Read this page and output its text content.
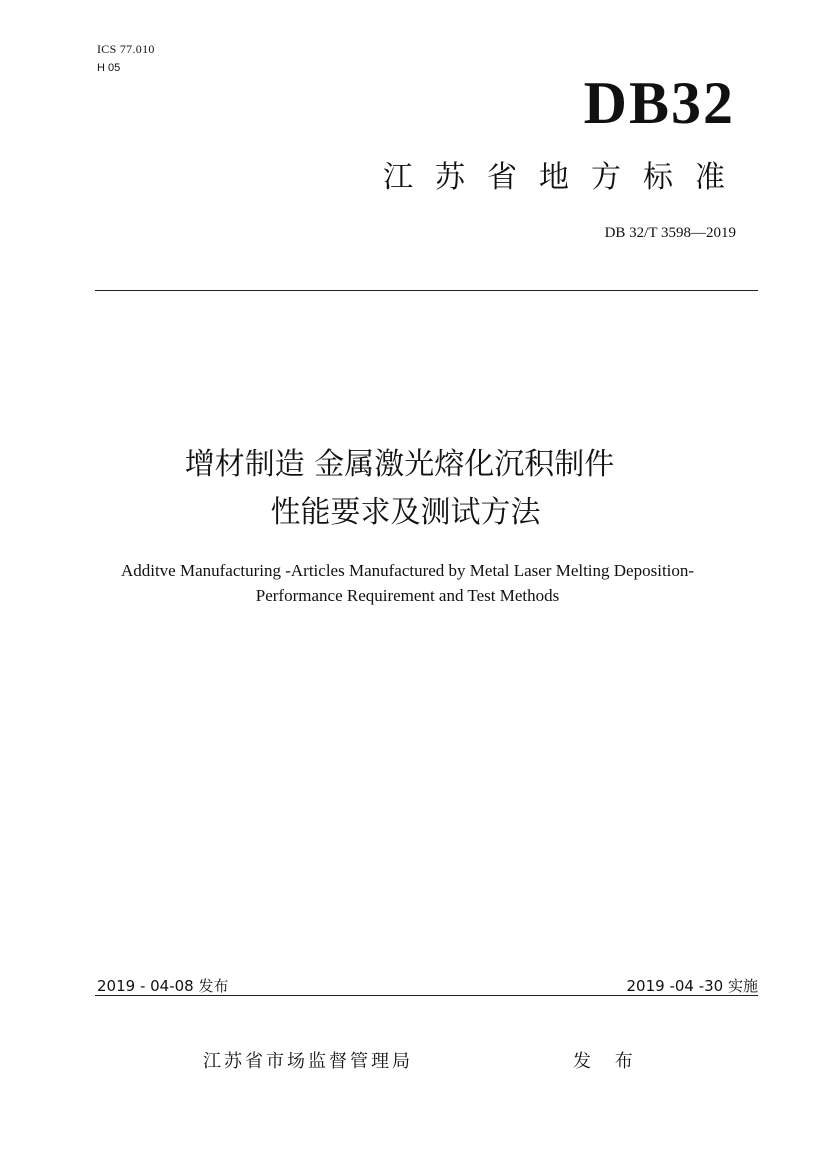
ICS 77.010
H 05
DB32
江苏省地方标准
DB 32/T 3598—2019
增材制造 金属激光熔化沉积制件
性能要求及测试方法
Additve Manufacturing -Articles Manufactured by Metal Laser Melting Deposition-
Performance Requirement and Test Methods
2019 - 04-08 发布	2019 -04 -30 实施
江苏省市场监督管理局	发 布
